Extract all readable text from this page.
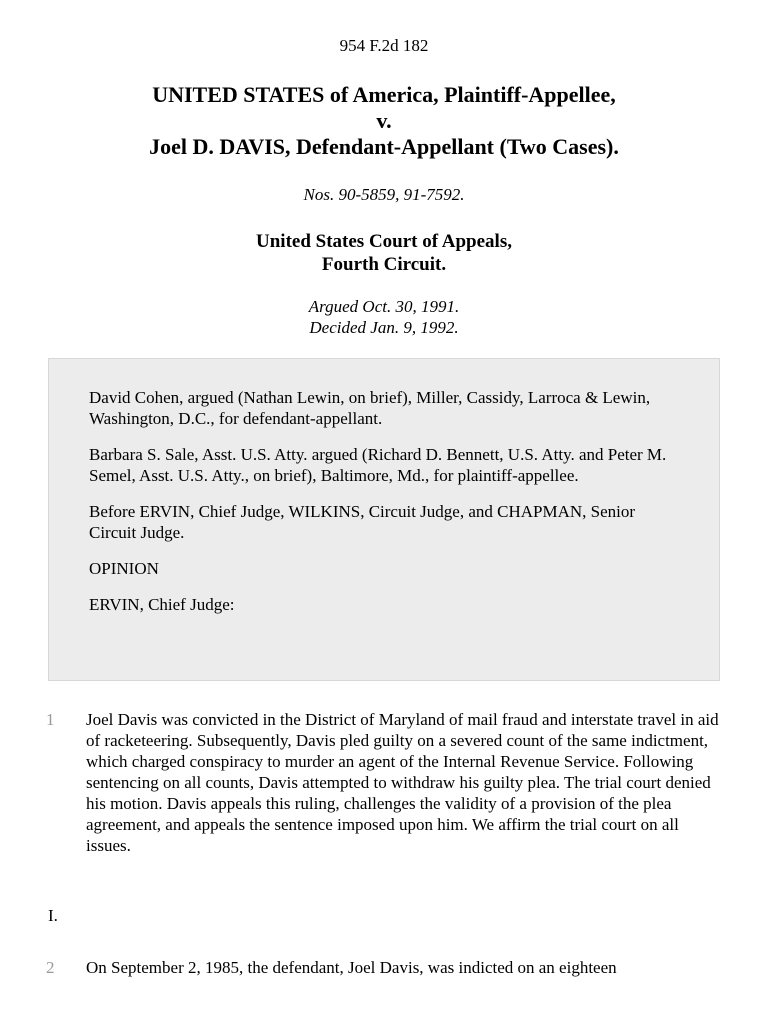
954 F.2d 182
UNITED STATES of America, Plaintiff-Appellee,
v.
Joel D. DAVIS, Defendant-Appellant (Two Cases).
Nos. 90-5859, 91-7592.
United States Court of Appeals,
Fourth Circuit.
Argued Oct. 30, 1991.
Decided Jan. 9, 1992.

David Cohen, argued (Nathan Lewin, on brief), Miller, Cassidy, Larroca & Lewin, Washington, D.C., for defendant-appellant.

Barbara S. Sale, Asst. U.S. Atty. argued (Richard D. Bennett, U.S. Atty. and Peter M. Semel, Asst. U.S. Atty., on brief), Baltimore, Md., for plaintiff-appellee.

Before ERVIN, Chief Judge, WILKINS, Circuit Judge, and CHAPMAN, Senior Circuit Judge.

OPINION

ERVIN, Chief Judge:

1 Joel Davis was convicted in the District of Maryland of mail fraud and interstate travel in aid of racketeering. Subsequently, Davis pled guilty on a severed count of the same indictment, which charged conspiracy to murder an agent of the Internal Revenue Service. Following sentencing on all counts, Davis attempted to withdraw his guilty plea. The trial court denied his motion. Davis appeals this ruling, challenges the validity of a provision of the plea agreement, and appeals the sentence imposed upon him. We affirm the trial court on all issues.

I.
2 On September 2, 1985, the defendant, Joel Davis, was indicted on an eighteen
